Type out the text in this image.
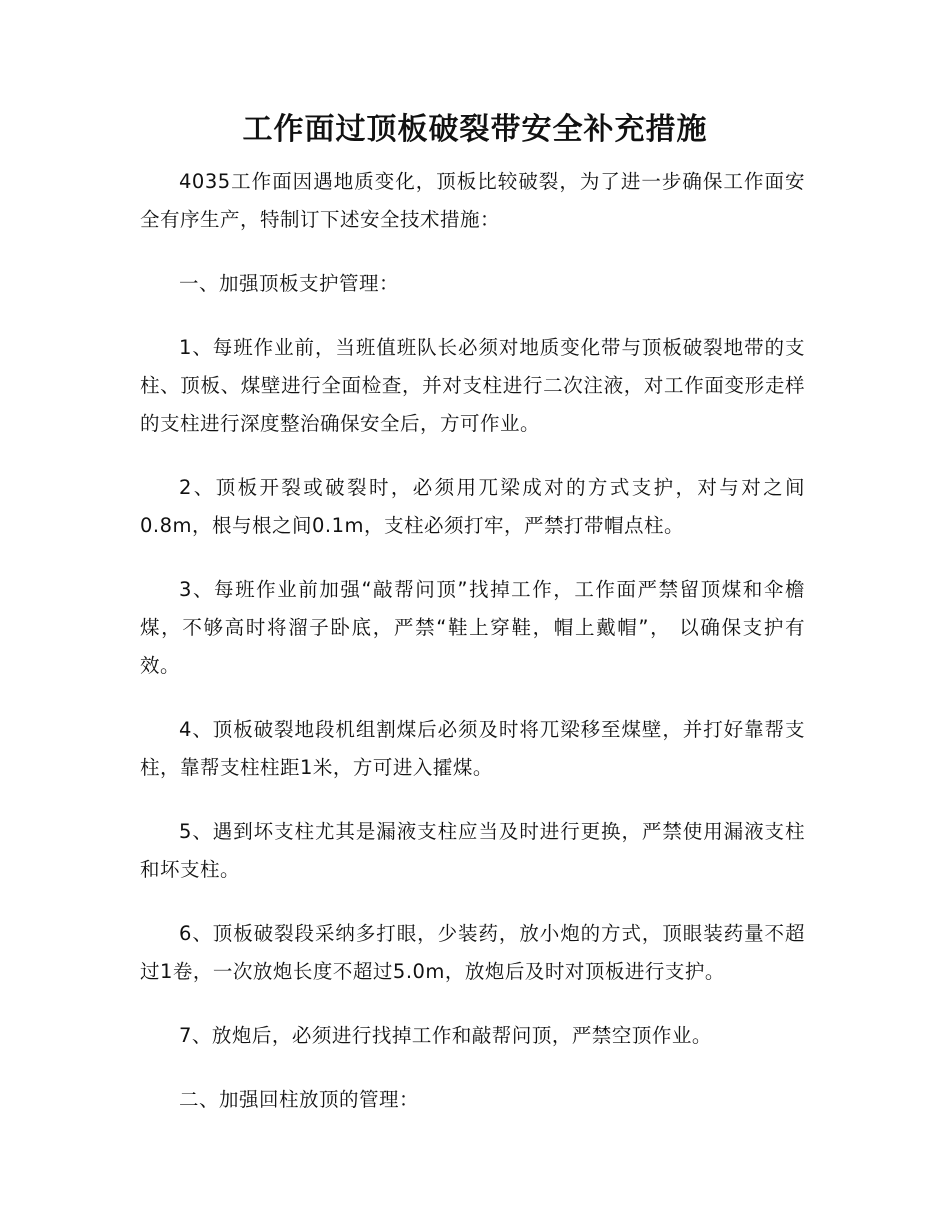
工作面过顶板破裂带安全补充措施

4035工作面因遇地质变化，顶板比较破裂，为了进一步确保工作面安全有序生产，特制订下述安全技术措施：

一、加强顶板支护管理：

1、每班作业前，当班值班队长必须对地质变化带与顶板破裂地带的支柱、顶板、煤壁进行全面检查，并对支柱进行二次注液，对工作面变形走样的支柱进行深度整治确保安全后，方可作业。

2、顶板开裂或破裂时，必须用兀梁成对的方式支护，对与对之间0.8m，根与根之间0.1m，支柱必须打牢，严禁打带帽点柱。

3、每班作业前加强“敲帮问顶”找掉工作，工作面严禁留顶煤和伞檐煤，不够高时将溜子卧底，严禁“鞋上穿鞋，帽上戴帽”， 以确保支护有效。

4、顶板破裂地段机组割煤后必须及时将兀梁移至煤壁，并打好靠帮支柱，靠帮支柱柱距1米，方可进入攉煤。

5、遇到坏支柱尤其是漏液支柱应当及时进行更换，严禁使用漏液支柱和坏支柱。

6、顶板破裂段采纳多打眼，少装药，放小炮的方式，顶眼装药量不超过1卷，一次放炮长度不超过5.0m，放炮后及时对顶板进行支护。

7、放炮后，必须进行找掉工作和敲帮问顶，严禁空顶作业。

二、加强回柱放顶的管理：
